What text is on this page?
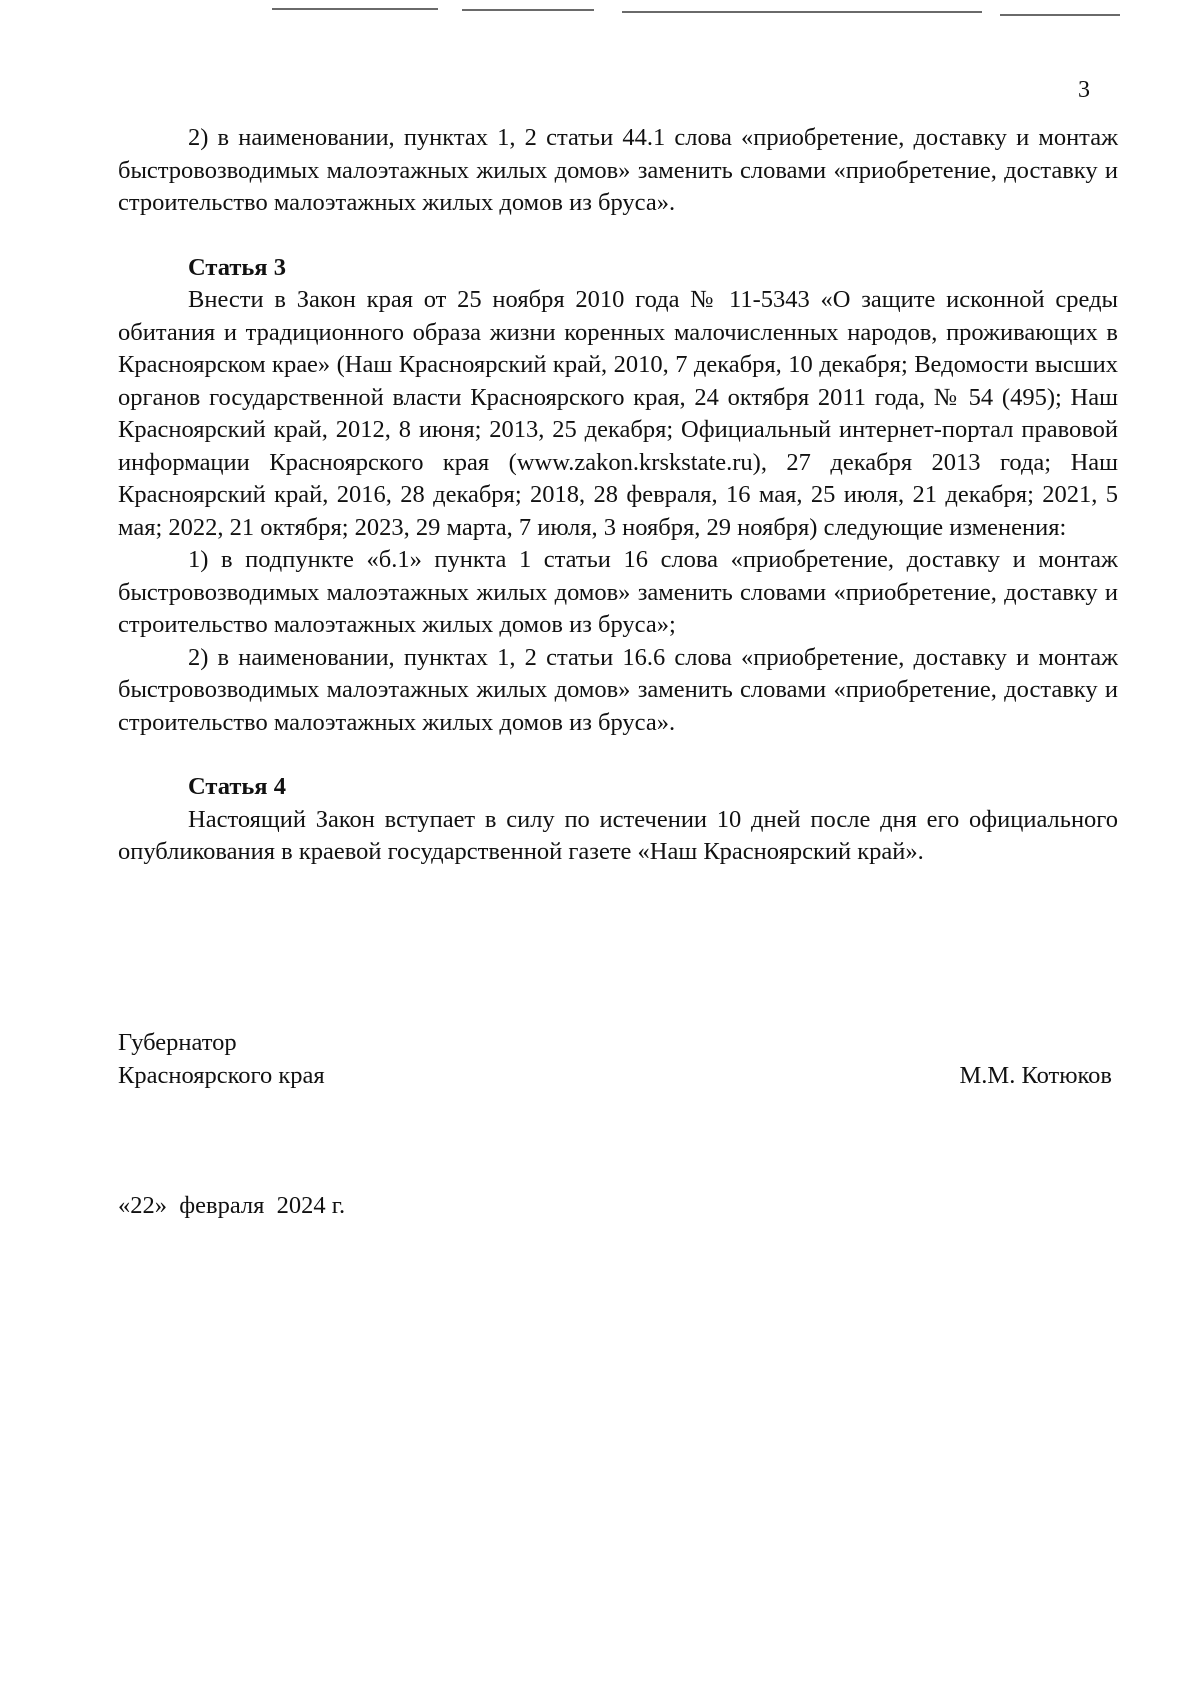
3

2) в наименовании, пунктах 1, 2 статьи 44.1 слова «приобретение, доставку и монтаж быстровозводимых малоэтажных жилых домов» заменить словами «приобретение, доставку и строительство малоэтажных жилых домов из бруса».

Статья 3

Внести в Закон края от 25 ноября 2010 года № 11-5343 «О защите исконной среды обитания и традиционного образа жизни коренных малочисленных народов, проживающих в Красноярском крае» (Наш Красноярский край, 2010, 7 декабря, 10 декабря; Ведомости высших органов государственной власти Красноярского края, 24 октября 2011 года, № 54 (495); Наш Красноярский край, 2012, 8 июня; 2013, 25 декабря; Официальный интернет-портал правовой информации Красноярского края (www.zakon.krskstate.ru), 27 декабря 2013 года; Наш Красноярский край, 2016, 28 декабря; 2018, 28 февраля, 16 мая, 25 июля, 21 декабря; 2021, 5 мая; 2022, 21 октября; 2023, 29 марта, 7 июля, 3 ноября, 29 ноября) следующие изменения:

1) в подпункте «б.1» пункта 1 статьи 16 слова «приобретение, доставку и монтаж быстровозводимых малоэтажных жилых домов» заменить словами «приобретение, доставку и строительство малоэтажных жилых домов из бруса»;

2) в наименовании, пунктах 1, 2 статьи 16.6 слова «приобретение, доставку и монтаж быстровозводимых малоэтажных жилых домов» заменить словами «приобретение, доставку и строительство малоэтажных жилых домов из бруса».

Статья 4

Настоящий Закон вступает в силу по истечении 10 дней после дня его официального опубликования в краевой государственной газете «Наш Красноярский край».

Губернатор
Красноярского края	М.М. Котюков
«22»  февраля  2024 г.
